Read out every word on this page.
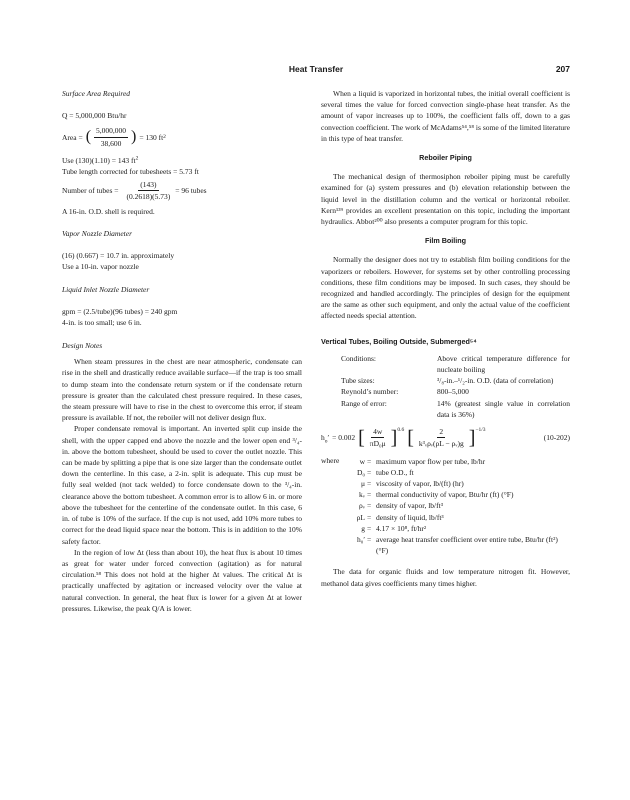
Heat Transfer	207

Surface Area Required

Q = 5,000,000 Btu/hr

Area = ( $\frac{5,000,000}{38,600}$ ) = 130 ft 2

Use (130)(1.10) = 143 $ft^2$

Tube length corrected for tubesheets = 5.73 ft

Number of tubes = $\frac{(143)}{(0.2618)(5.73)} = 96$ tubes

A 16-in. O.D. shell is required.

Vapor Nozzle Diameter

(16) (0.667) = 10.7 in. approximately

Use a 10-in. vapor nozzle

Liquid Inlet Nozzle Diameter

gpm = (2.5/tube)(96 tubes) = 240 gpm

4-in. is too small; use 6 in.

Design Notes

When steam pressures in the chest are near atmospheric, condensate can rise in the shell and drastically reduce available surface—if the trap is too small to dump steam into the condensate return system or if the condensate return pressure is greater than the calculated chest pressure required. In these cases, the steam pressure will have to rise in the chest to overcome this error, if steam pressure is available. If not, the reboiler will not deliver design flux.

Proper condensate removal is important. An inverted split cup inside the shell, with the upper capped end above the nozzle and the lower open end ³/₄-in. above the bottom tubesheet, should be used to cover the outlet nozzle. This can be made by splitting a pipe that is one size larger than the condensate outlet down the centerline. In this case, a 2-in. split is adequate. This cup must be fully seal welded (not tack welded) to force condensate down to the ³/₄-in. clearance above the bottom tubesheet. A common error is to allow 6 in. or more above the tubesheet for the centerline of the condensate outlet. In this case, 6 in. of tube is 10% of the surface. If the cup is not used, add 10% more tubes to correct for the dead liquid space near the bottom. This is in addition to the 10% safety factor.

In the region of low Δt (less than about 10), the heat flux is about 10 times as great for water under forced convection (agitation) as for natural circulation.⁵⁸ This does not hold at the higher Δt values. The critical Δt is practically unaffected by agitation or increased velocity over the value at natural convection. In general, the heat flux is lower for a given Δt at lower pressures. Likewise, the peak Q/A is lower.

When a liquid is vaporized in horizontal tubes, the initial overall coefficient is several times the value for forced convection single-phase heat transfer. As the amount of vapor increases up to 100%, the coefficient falls off, down to a gas convection coefficient. The work of McAdams⁵⁴,⁵⁸ is some of the limited literature in this type of heat transfer.

Reboiler Piping

The mechanical design of thermosiphon reboiler piping must be carefully examined for (a) system pressures and (b) elevation relationship between the liquid level in the distillation column and the vertical or horizontal reboiler. Kern¹³⁹ provides an excellent presentation on this topic, including the important hydraulics. Abbot²⁰⁰ also presents a computer program for this topic.

Film Boiling

Normally the designer does not try to establish film boiling conditions for the vaporizers or reboilers. However, for systems set by other controlling processing conditions, these film conditions may be imposed. In such cases, they should be recognized and handled accordingly. The principles of design for the equipment are the same as other such equipment, and only the actual value of the coefficient affected needs special attention.

Vertical Tubes, Boiling Outside, Submerged⁵⁴

Conditions:	Above critical temperature difference for nucleate boiling
Tube sizes:	³/₈-in.–¹/₂-in. O.D. (data of correlation)
Reynold’s number:	800–5,000
Range of error:	14% (greatest single value in correlation data is 36%)
$h_o' = 0.002$ [ $\frac{4w}{\text{πD₀μ}} ]^{0.6}$ [ $\frac{2}{\text{k³ᵥρᵥ(ρL − ρᵥ)g}} ]^{-1/3}$
(10-202)
where	w = maximum vapor flow per tube, lb/hr
D₀ = tube O.D., ft
μ = viscosity of vapor, lb/(ft) (hr)
kᵥ = thermal conductivity of vapor, Btu/hr (ft) (°F)
ρᵥ = density of vapor, lb/ft³
ρL = density of liquid, lb/ft³
g = 4.17 × 10⁸, ft/hr²
h₀′ = average heat transfer coefficient over entire tube, Btu/hr (ft²) (°F)

The data for organic fluids and low temperature nitrogen fit. However, methanol data gives coefficients many times higher.
